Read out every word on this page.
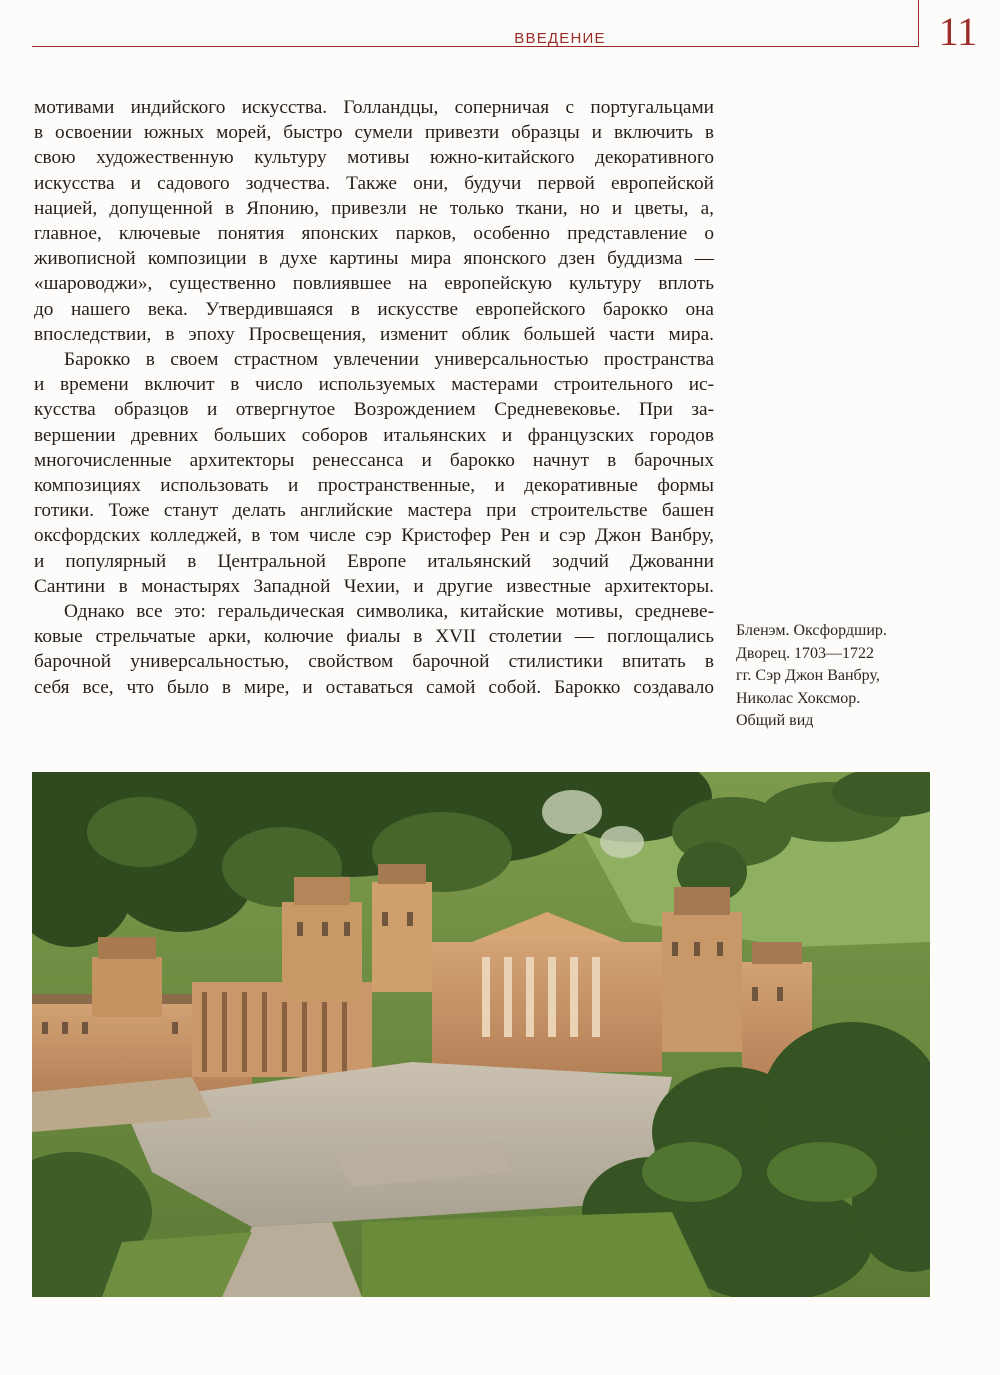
ВВЕДЕНИЕ	11

мотивами индийского искусства. Голландцы, соперничая с португальцами
в освоении южных морей, быстро сумели привезти образцы и включить в
свою художественную культуру мотивы южно-китайского декоративного
искусства и садового зодчества. Также они, будучи первой европейской
нацией, допущенной в Японию, привезли не только ткани, но и цветы, а,
главное, ключевые понятия японских парков, особенно представление о
живописной композиции в духе картины мира японского дзен буддизма —
«шароводжи», существенно повлиявшее на европейскую культуру вплоть
до нашего века. Утвердившаяся в искусстве европейского барокко она
впоследствии, в эпоху Просвещения, изменит облик большей части мира.

Барокко в своем страстном увлечении универсальностью пространства
и времени включит в число используемых мастерами строительного ис-
кусства образцов и отвергнутое Возрождением Средневековье. При за-
вершении древних больших соборов итальянских и французских городов
многочисленные архитекторы ренессанса и барокко начнут в барочных
композициях использовать и пространственные, и декоративные формы
готики. Тоже станут делать английские мастера при строительстве башен
оксфордских колледжей, в том числе сэр Кристофер Рен и сэр Джон Ванбру,
и популярный в Центральной Европе итальянский зодчий Джованни
Сантини в монастырях Западной Чехии, и другие известные архитекторы.

Однако все это: геральдическая символика, китайские мотивы, средневе-
ковые стрельчатые арки, колючие фиалы в XVII столетии — поглощались
барочной универсальностью, свойством барочной стилистики впитать в
себя все, что было в мире, и оставаться самой собой. Барокко создавало

Бленэм. Оксфордшир.
Дворец. 1703—1722
гг. Сэр Джон Ванбру,
Николас Хоксмор.
Общий вид
